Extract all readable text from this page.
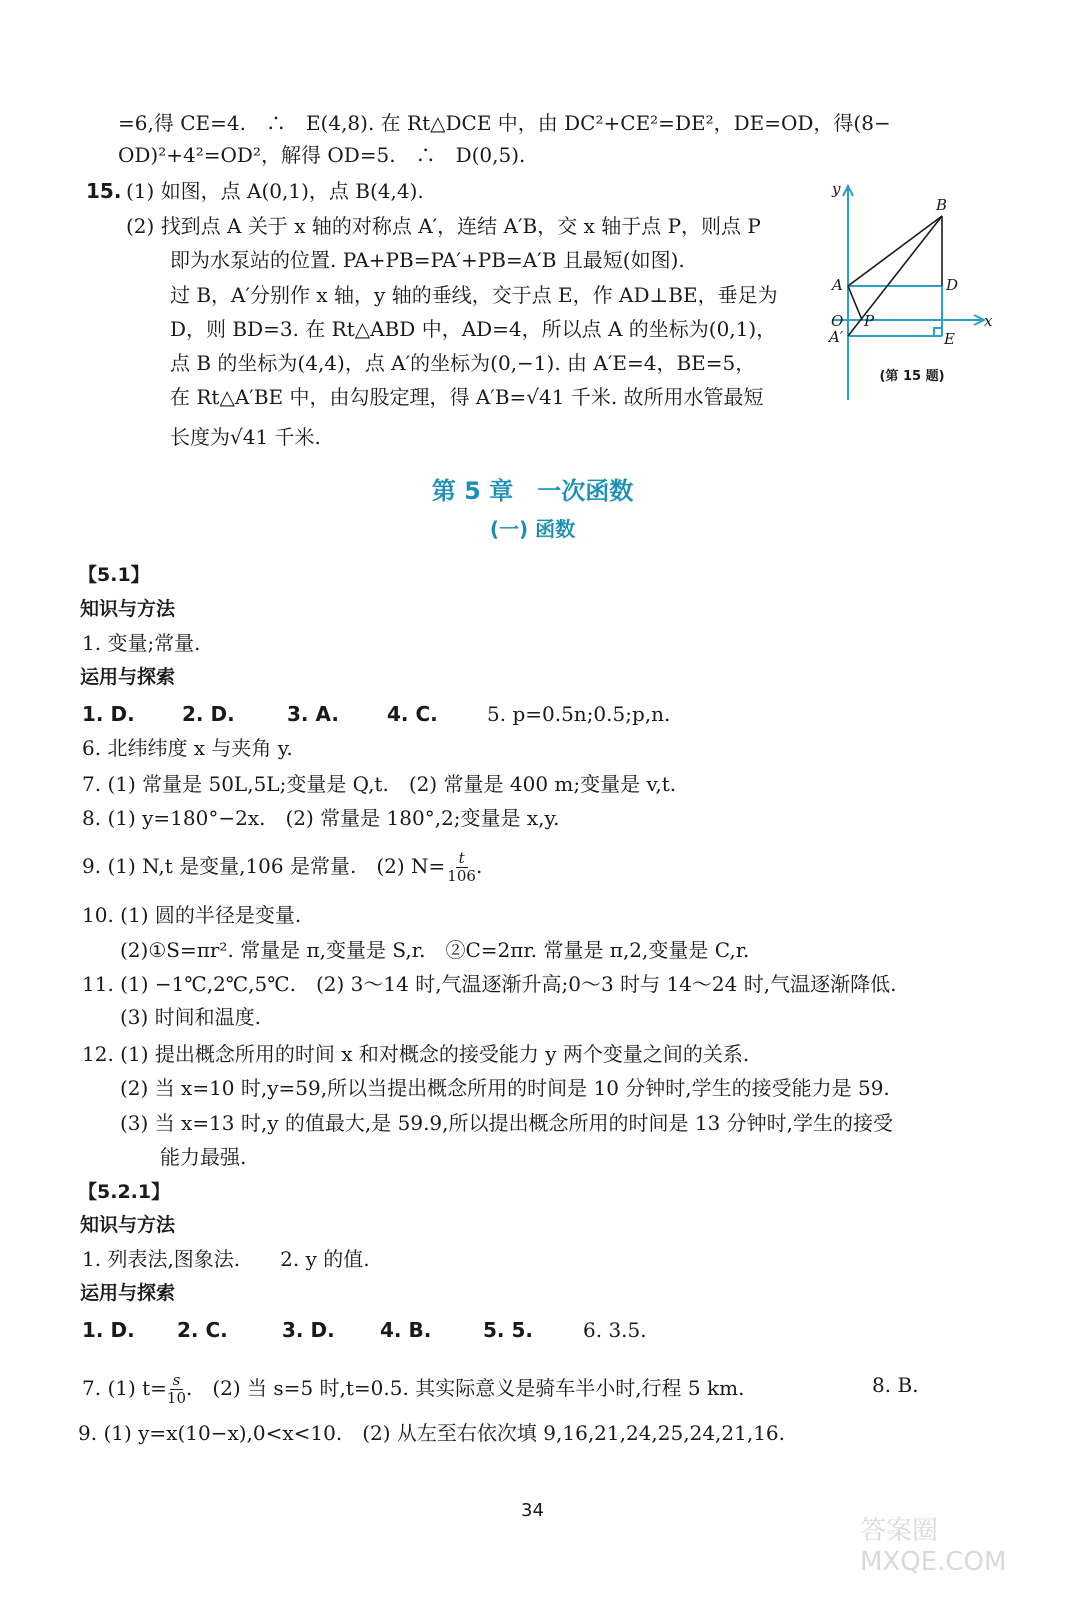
=6,得 CE=4.　∴　E(4,8). 在 Rt△DCE 中，由 DC²+CE²=DE²，DE=OD，得(8−
OD)²+4²=OD²，解得 OD=5.　∴　D(0,5).
15. (1) 如图，点 A(0,1)，点 B(4,4).
(2) 找到点 A 关于 x 轴的对称点 A′，连结 A′B，交 x 轴于点 P，则点 P
即为水泵站的位置. PA+PB=PA′+PB=A′B 且最短(如图).
过 B，A′分别作 x 轴，y 轴的垂线，交于点 E，作 AD⊥BE，垂足为
D，则 BD=3. 在 Rt△ABD 中，AD=4，所以点 A 的坐标为(0,1)，
点 B 的坐标为(4,4)，点 A′的坐标为(0,−1). 由 A′E=4，BE=5，
在 Rt△A′BE 中，由勾股定理，得 A′B=√41 千米. 故所用水管最短
长度为√41 千米.
y
x
B
A	D
O P
A′	E
(第 15 题)
第 5 章　一次函数
(一) 函数
【5.1】
知识与方法
1. 变量;常量.
运用与探索
1. D. 2. D.	3. A. 4. C. 5. p=0.5n;0.5;p,n.
6. 北纬纬度 x 与夹角 y.
7. (1) 常量是 50L,5L;变量是 Q,t.　(2) 常量是 400 m;变量是 v,t.
8. (1) y=180°−2x.　(2) 常量是 180°,2;变量是 x,y.
9. (1) N,t 是变量,106 是常量.　(2) $N= \frac{t}{106}$ .
10. (1) 圆的半径是变量.
(2)①S=πr². 常量是 π,变量是 S,r.　②C=2πr. 常量是 π,2,变量是 C,r.
11. (1) −1℃,2℃,5℃.　(2) 3～14 时,气温逐渐升高;0～3 时与 14～24 时,气温逐渐降低.
(3) 时间和温度.
12. (1) 提出概念所用的时间 x 和对概念的接受能力 y 两个变量之间的关系.
(2) 当 x=10 时,y=59,所以当提出概念所用的时间是 10 分钟时,学生的接受能力是 59.
(3) 当 x=13 时,y 的值最大,是 59.9,所以提出概念所用的时间是 13 分钟时,学生的接受
能力最强.
【5.2.1】
知识与方法
1. 列表法,图象法.　　2. y 的值.
运用与探索
1. D. 2. C.	3. D. 4. B.	5. 5.	6. 3.5.
7. (1) $t= \frac{s}{10}$ .　(2) 当 s=5 时,t=0.5. 其实际意义是骑车半小时,行程 5 km.	8. B.
9. (1) y=x(10−x),0<x<10.　(2) 从左至右依次填 9,16,21,24,25,24,21,16.
34
答案圈 MXQE.COM
